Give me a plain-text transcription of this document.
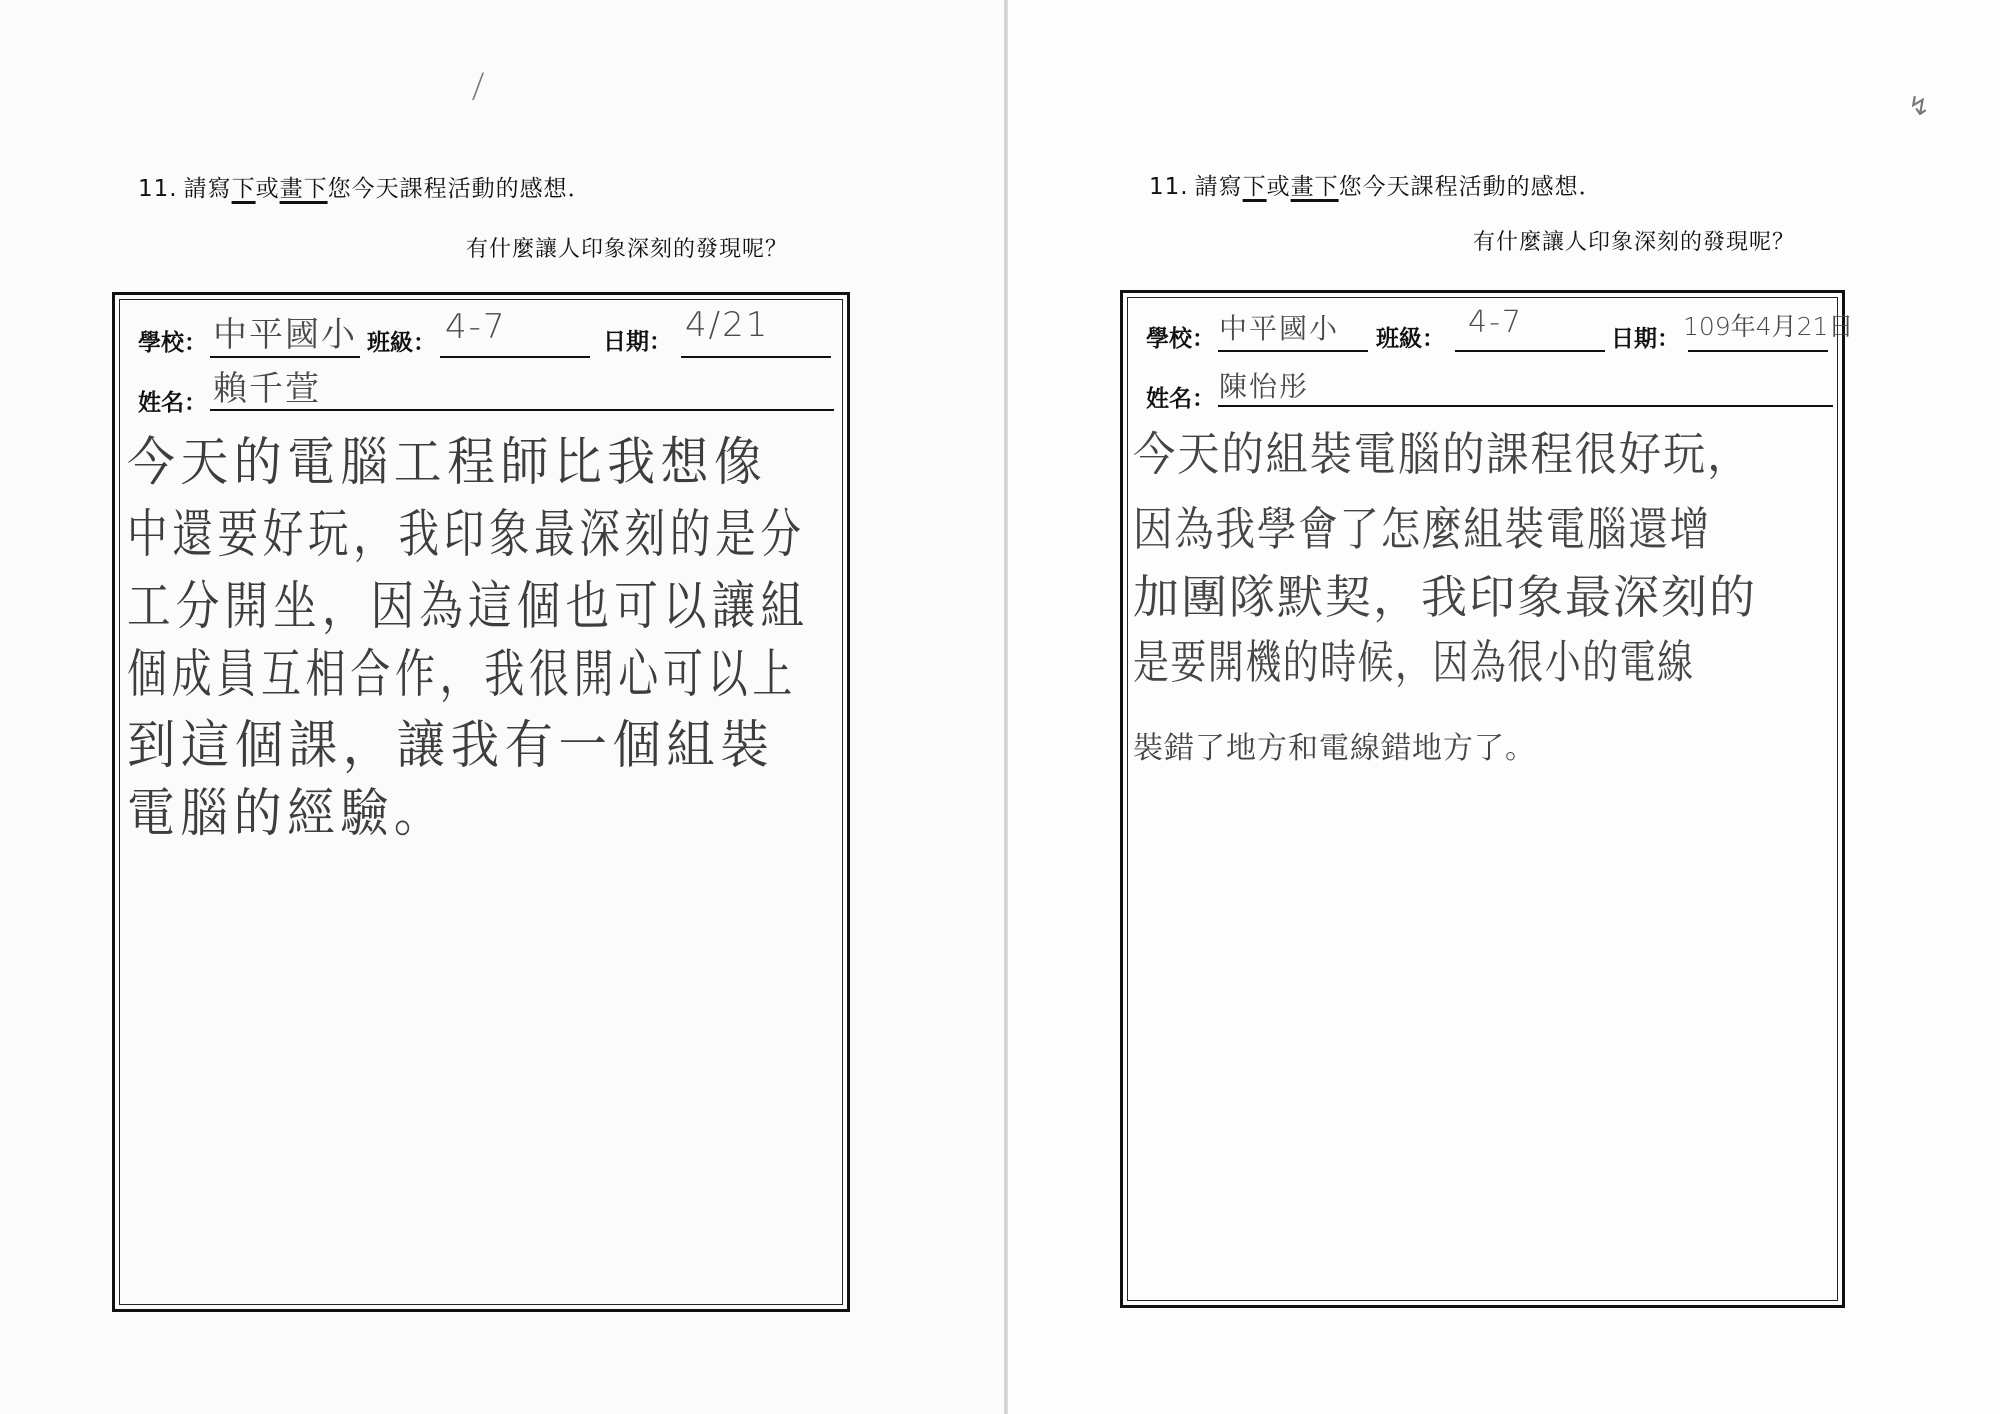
⟋
11. 請寫下或畫下您今天課程活動的感想．
有什麼讓人印象深刻的發現呢？
學校： 中平國小 班級： 4-7	日期： 4/21
姓名： 賴千萱
今天的電腦工程師比我想像
中還要好玩，我印象最深刻的是分
工分開坐，因為這個也可以讓組
個成員互相合作，我很開心可以上
到這個課，讓我有一個組裝
電腦的經驗。
↯
11. 請寫下或畫下您今天課程活動的感想．
有什麼讓人印象深刻的發現呢？
學校： 中平國小 班級： 4-7	日期： 109年4月21日
姓名： 陳怡彤
今天的組裝電腦的課程很好玩，
因為我學會了怎麼組裝電腦還增
加團隊默契，我印象最深刻的
是要開機的時候，因為很小的電線
裝錯了地方和電線錯地方了。
